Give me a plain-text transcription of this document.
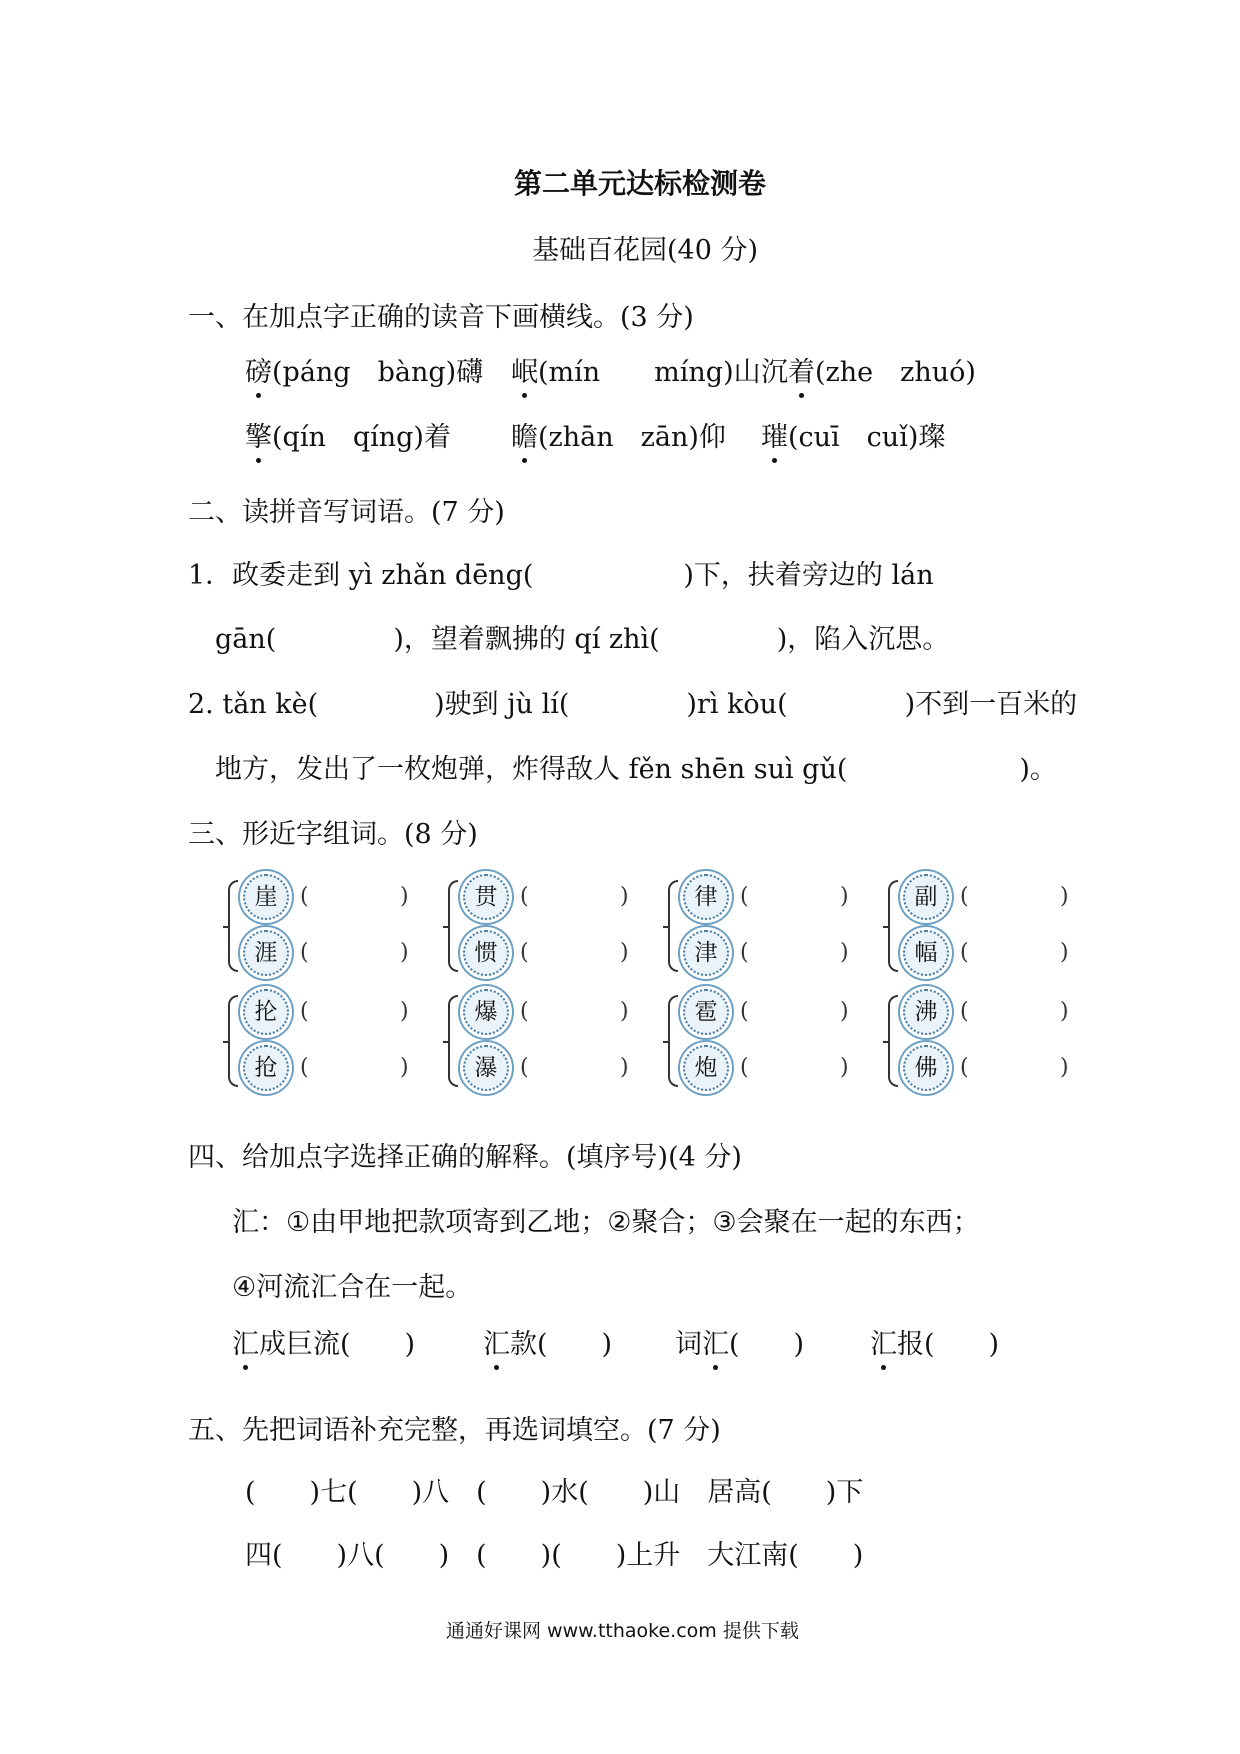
第二单元达标检测卷
基础百花园(40 分)
一、在加点字正确的读音下画横线。(3 分)
磅(páng　bàng)礴 岷(mín　　míng)山 沉着(zhe　zhuó)
擎(qín　qíng)着 瞻(zhān　zān)仰 璀(cuī　cuǐ)璨
二、读拼音写词语。(7 分)
1．政委走到 yì zhǎn dēng(	)下，扶着旁边的 lán
gān(	)，望着飘拂的 qí zhì(	)，陷入沉思。
2. tǎn kè(	)驶到 jù lí(	)rì kòu(	)不到一百米的
地方，发出了一枚炮弹，炸得敌人 fěn shēn suì gǔ(	)。
三、形近字组词。(8 分)
崖	(	)
涯	(	)
贯	(	)
惯	(	)
律	(	)
津	(	)
副	(	)
幅	(	)
抡	(	)
抢	(	)
爆	(	)
瀑	(	)
雹	(	)
炮	(	)
沸	(	)
佛	(	)
四、给加点字选择正确的解释。(填序号)(4 分)
汇：①由甲地把款项寄到乙地；②聚合；③会聚在一起的东西；
④河流汇合在一起。
汇成巨流(　　)	汇款(　　) 词汇(　　) 汇报(　　)
五、先把词语补充完整，再选词填空。(7 分)
(　　)七(　　)八　(　　)水(　　)山　居高(　　)下
四(　　)八(　　)　(　　)(　　)上升　大江南(　　)
通通好课网 www.tthaoke.com 提供下载
